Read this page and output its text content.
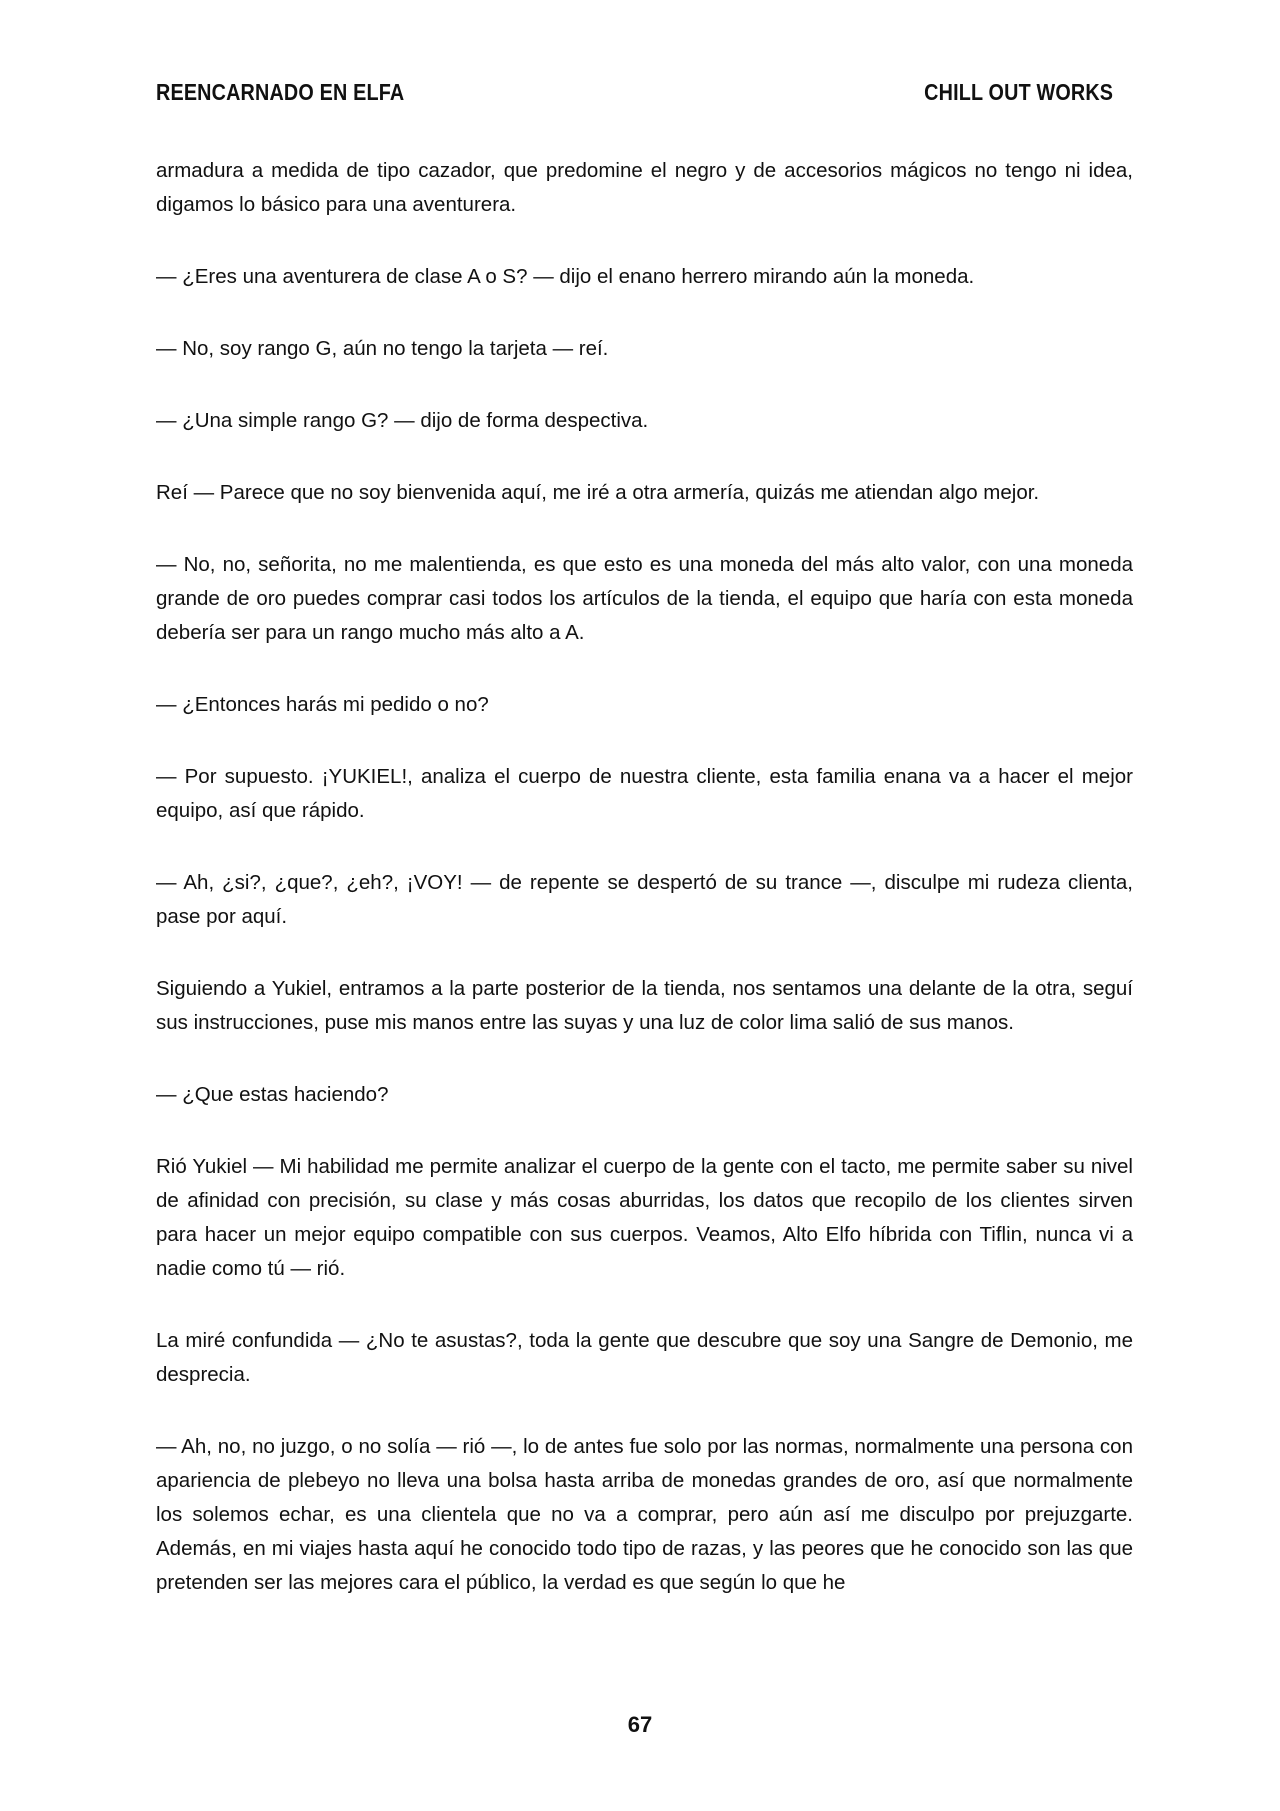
REENCARNADO EN ELFA	CHILL OUT WORKS

armadura a medida de tipo cazador, que predomine el negro y de accesorios mágicos no tengo ni idea, digamos lo básico para una aventurera.

— ¿Eres una aventurera de clase A o S? — dijo el enano herrero mirando aún la moneda.

— No, soy rango G, aún no tengo la tarjeta — reí.

— ¿Una simple rango G? — dijo de forma despectiva.

Reí — Parece que no soy bienvenida aquí, me iré a otra armería, quizás me atiendan algo mejor.

— No, no, señorita, no me malentienda, es que esto es una moneda del más alto valor, con una moneda grande de oro puedes comprar casi todos los artículos de la tienda, el equipo que haría con esta moneda debería ser para un rango mucho más alto a A.

— ¿Entonces harás mi pedido o no?

— Por supuesto. ¡YUKIEL!, analiza el cuerpo de nuestra cliente, esta familia enana va a hacer el mejor equipo, así que rápido.

— Ah, ¿si?, ¿que?, ¿eh?, ¡VOY! — de repente se despertó de su trance —, disculpe mi rudeza clienta, pase por aquí.

Siguiendo a Yukiel, entramos a la parte posterior de la tienda, nos sentamos una delante de la otra, seguí sus instrucciones, puse mis manos entre las suyas y una luz de color lima salió de sus manos.

— ¿Que estas haciendo?

Rió Yukiel — Mi habilidad me permite analizar el cuerpo de la gente con el tacto, me permite saber su nivel de afinidad con precisión, su clase y más cosas aburridas, los datos que recopilo de los clientes sirven para hacer un mejor equipo compatible con sus cuerpos. Veamos, Alto Elfo híbrida con Tiflin, nunca vi a nadie como tú — rió.

La miré confundida — ¿No te asustas?, toda la gente que descubre que soy una Sangre de Demonio, me desprecia.

— Ah, no, no juzgo, o no solía — rió —, lo de antes fue solo por las normas, normalmente una persona con apariencia de plebeyo no lleva una bolsa hasta arriba de monedas grandes de oro, así que normalmente los solemos echar, es una clientela que no va a comprar, pero aún así me disculpo por prejuzgarte. Además, en mi viajes hasta aquí he conocido todo tipo de razas, y las peores que he conocido son las que pretenden ser las mejores cara el público, la verdad es que según lo que he

67
